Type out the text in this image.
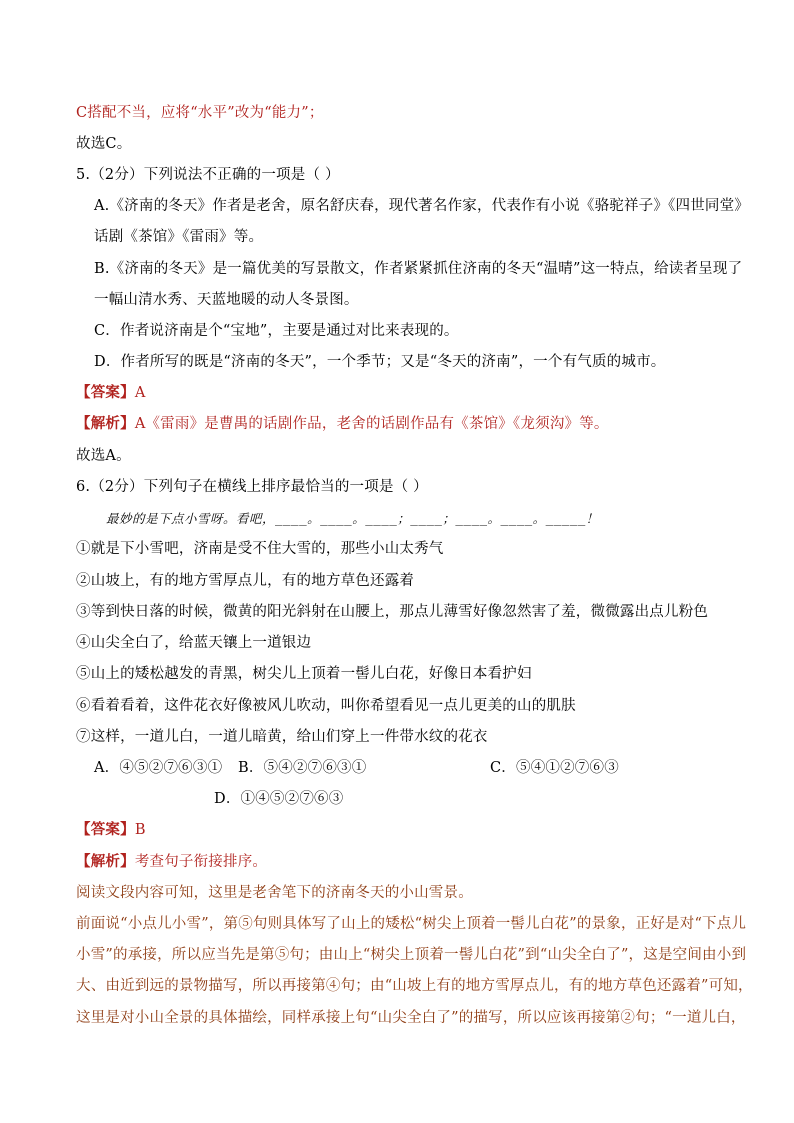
C搭配不当，应将“水平”改为“能力”；
故选C。
5.（2分）下列说法不正确的一项是（ ）
A.《济南的冬天》作者是老舍，原名舒庆春，现代著名作家，代表作有小说《骆驼祥子》《四世同堂》
话剧《茶馆》《雷雨》等。
B.《济南的冬天》是一篇优美的写景散文，作者紧紧抓住济南的冬天“温晴”这一特点，给读者呈现了
一幅山清水秀、天蓝地暖的动人冬景图。
C．作者说济南是个“宝地”，主要是通过对比来表现的。
D．作者所写的既是“济南的冬天”，一个季节；又是“冬天的济南”，一个有气质的城市。
【答案】A
【解析】A《雷雨》是曹禺的话剧作品，老舍的话剧作品有《茶馆》《龙须沟》等。
故选A。
6.（2分）下列句子在横线上排序最恰当的一项是（ ）
最妙的是下点小雪呀。看吧，____。____。____；____；____。____。_____！
①就是下小雪吧，济南是受不住大雪的，那些小山太秀气
②山坡上，有的地方雪厚点儿，有的地方草色还露着
③等到快日落的时候，微黄的阳光斜射在山腰上，那点儿薄雪好像忽然害了羞，微微露出点儿粉色
④山尖全白了，给蓝天镶上一道银边
⑤山上的矮松越发的青黑，树尖儿上顶着一髻儿白花，好像日本看护妇
⑥看着看着，这件花衣好像被风儿吹动，叫你希望看见一点儿更美的山的肌肤
⑦这样，一道儿白，一道儿暗黄，给山们穿上一件带水纹的花衣
A．④⑤②⑦⑥③① B．⑤④②⑦⑥③①	C．⑤④①②⑦⑥③
D．①④⑤②⑦⑥③
【答案】B
【解析】考查句子衔接排序。
阅读文段内容可知，这里是老舍笔下的济南冬天的小山雪景。
前面说“小点儿小雪”，第⑤句则具体写了山上的矮松“树尖上顶着一髻儿白花”的景象，正好是对“下点儿
小雪”的承接，所以应当先是第⑤句；由山上“树尖上顶着一髻儿白花”到“山尖全白了”，这是空间由小到
大、由近到远的景物描写，所以再接第④句；由“山坡上有的地方雪厚点儿，有的地方草色还露着”可知，
这里是对小山全景的具体描绘，同样承接上句“山尖全白了”的描写，所以应该再接第②句；“一道儿白，
